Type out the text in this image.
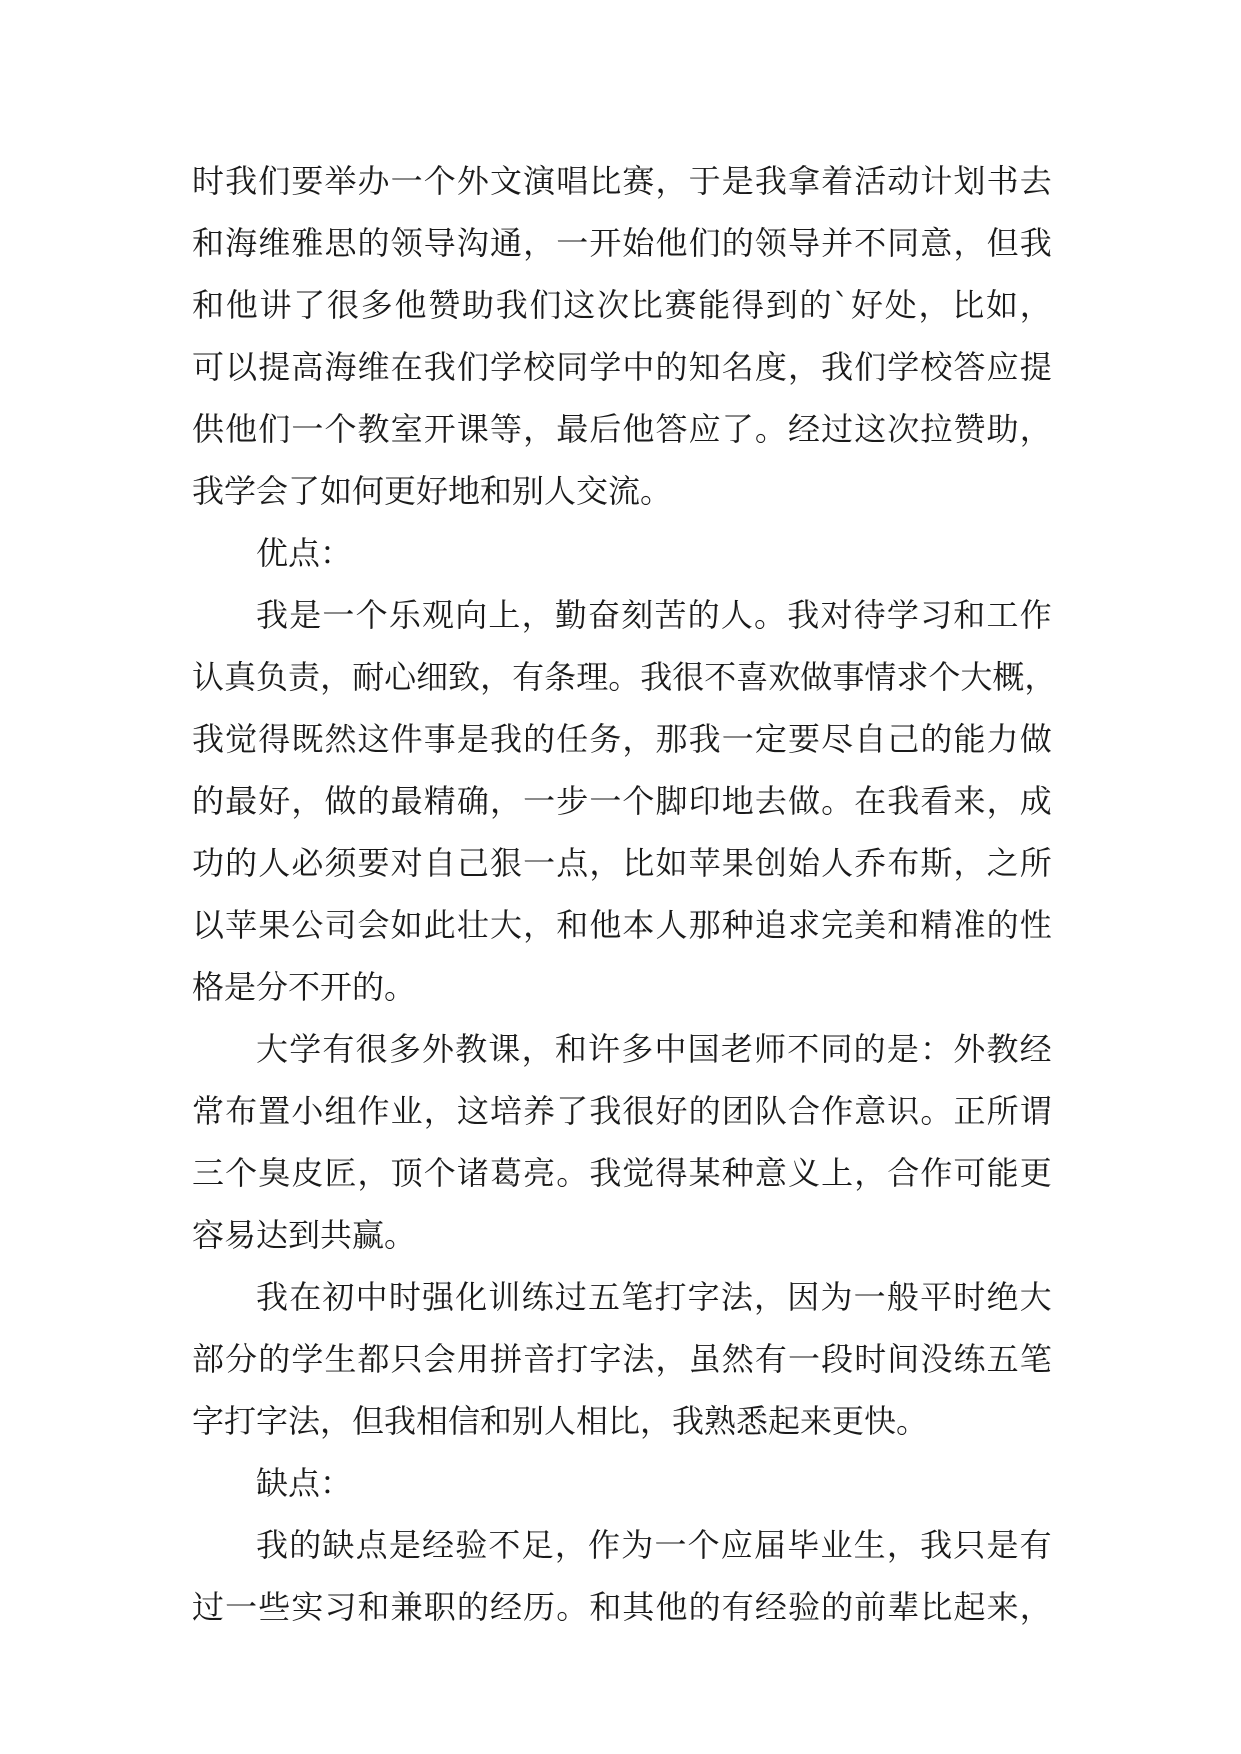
时 我 们 要 举 办 一 个 外 文 演 唱 比 赛 ， 于 是 我 拿 着 活 动 计 划 书 去
和 海 维 雅 思 的 领 导 沟 通 ， 一 开 始 他 们 的 领 导 并 不 同 意 ， 但 我
和 他 讲 了 很 多 他 赞 助 我 们 这 次 比 赛 能 得 到 的 ` 好 处 ， 比 如 ，
可 以 提 高 海 维 在 我 们 学 校 同 学 中 的 知 名 度 ， 我 们 学 校 答 应 提
供 他 们 一 个 教 室 开 课 等 ， 最 后 他 答 应 了 。 经 过 这 次 拉 赞 助 ，
我学会了如何更好地和别人交流。
优点：
我 是 一 个 乐 观 向 上 ， 勤 奋 刻 苦 的 人 。 我 对 待 学 习 和 工 作
认 真 负 责 ， 耐 心 细 致 ， 有 条 理 。 我 很 不 喜 欢 做 事 情 求 个 大 概 ，
我 觉 得 既 然 这 件 事 是 我 的 任 务 ， 那 我 一 定 要 尽 自 己 的 能 力 做
的 最 好 ， 做 的 最 精 确 ， 一 步 一 个 脚 印 地 去 做 。 在 我 看 来 ， 成
功 的 人 必 须 要 对 自 己 狠 一 点 ， 比 如 苹 果 创 始 人 乔 布 斯 ， 之 所
以 苹 果 公 司 会 如 此 壮 大 ， 和 他 本 人 那 种 追 求 完 美 和 精 准 的 性
格是分不开的。
大 学 有 很 多 外 教 课 ， 和 许 多 中 国 老 师 不 同 的 是 ： 外 教 经
常 布 置 小 组 作 业 ， 这 培 养 了 我 很 好 的 团 队 合 作 意 识 。 正 所 谓
三 个 臭 皮 匠 ， 顶 个 诸 葛 亮 。 我 觉 得 某 种 意 义 上 ， 合 作 可 能 更
容易达到共赢。
我 在 初 中 时 强 化 训 练 过 五 笔 打 字 法 ， 因 为 一 般 平 时 绝 大
部 分 的 学 生 都 只 会 用 拼 音 打 字 法 ， 虽 然 有 一 段 时 间 没 练 五 笔
字打字法，但我相信和别人相比，我熟悉起来更快。
缺点：
我 的 缺 点 是 经 验 不 足 ， 作 为 一 个 应 届 毕 业 生 ， 我 只 是 有
过 一 些 实 习 和 兼 职 的 经 历 。 和 其 他 的 有 经 验 的 前 辈 比 起 来 ，
